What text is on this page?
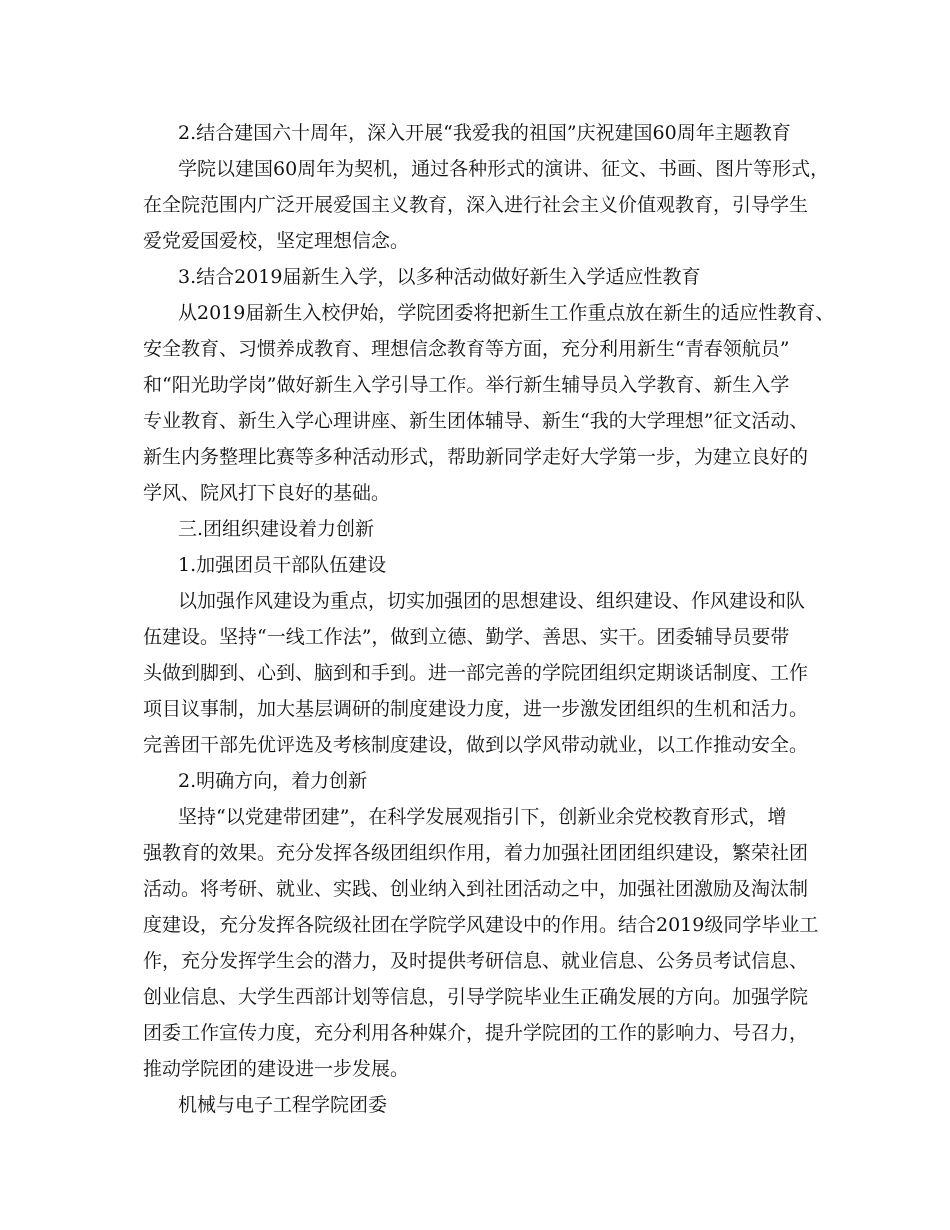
2.结合建国六十周年，深入开展“我爱我的祖国”庆祝建国60周年主题教育

学院以建国60周年为契机，通过各种形式的演讲、征文、书画、图片等形式，

在全院范围内广泛开展爱国主义教育，深入进行社会主义价值观教育，引导学生

爱党爱国爱校，坚定理想信念。

3.结合2019届新生入学，以多种活动做好新生入学适应性教育

从2019届新生入校伊始，学院团委将把新生工作重点放在新生的适应性教育、

安全教育、习惯养成教育、理想信念教育等方面，充分利用新生“青春领航员”

和“阳光助学岗”做好新生入学引导工作。举行新生辅导员入学教育、新生入学

专业教育、新生入学心理讲座、新生团体辅导、新生“我的大学理想”征文活动、

新生内务整理比赛等多种活动形式，帮助新同学走好大学第一步，为建立良好的

学风、院风打下良好的基础。

三.团组织建设着力创新

1.加强团员干部队伍建设

以加强作风建设为重点，切实加强团的思想建设、组织建设、作风建设和队

伍建设。坚持“一线工作法”，做到立德、勤学、善思、实干。团委辅导员要带

头做到脚到、心到、脑到和手到。进一部完善的学院团组织定期谈话制度、工作

项目议事制，加大基层调研的制度建设力度，进一步激发团组织的生机和活力。

完善团干部先优评选及考核制度建设，做到以学风带动就业，以工作推动安全。

2.明确方向，着力创新

坚持“以党建带团建”，在科学发展观指引下，创新业余党校教育形式，增

强教育的效果。充分发挥各级团组织作用，着力加强社团团组织建设，繁荣社团

活动。将考研、就业、实践、创业纳入到社团活动之中，加强社团激励及淘汰制

度建设，充分发挥各院级社团在学院学风建设中的作用。结合2019级同学毕业工

作，充分发挥学生会的潜力，及时提供考研信息、就业信息、公务员考试信息、

创业信息、大学生西部计划等信息，引导学院毕业生正确发展的方向。加强学院

团委工作宣传力度，充分利用各种媒介，提升学院团的工作的影响力、号召力，

推动学院团的建设进一步发展。

机械与电子工程学院团委
